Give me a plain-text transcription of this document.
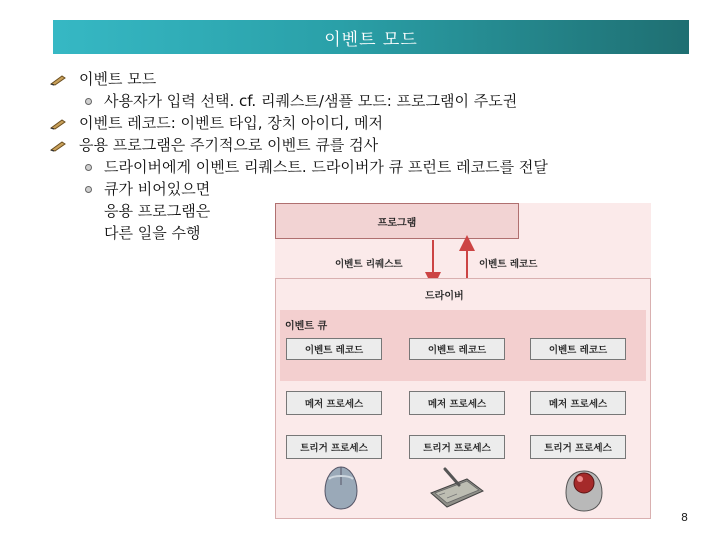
이벤트 모드
이벤트 모드
사용자가 입력 선택. cf. 리퀘스트/샘플 모드: 프로그램이 주도권
이벤트 레코드: 이벤트 타입, 장치 아이디, 메저
응용 프로그램은 주기적으로 이벤트 큐를 검사
드라이버에게 이벤트 리퀘스트. 드라이버가 큐 프런트 레코드를 전달
큐가 비어있으면
응용 프로그램은
다른 일을 수행
프로그램
이벤트 리퀘스트	이벤트 레코드
드라이버
이벤트 큐
이벤트 레코드	이벤트 레코드	이벤트 레코드
메저 프로세스	메저 프로세스	메저 프로세스
트리거 프로세스	트리거 프로세스	트리거 프로세스
8
